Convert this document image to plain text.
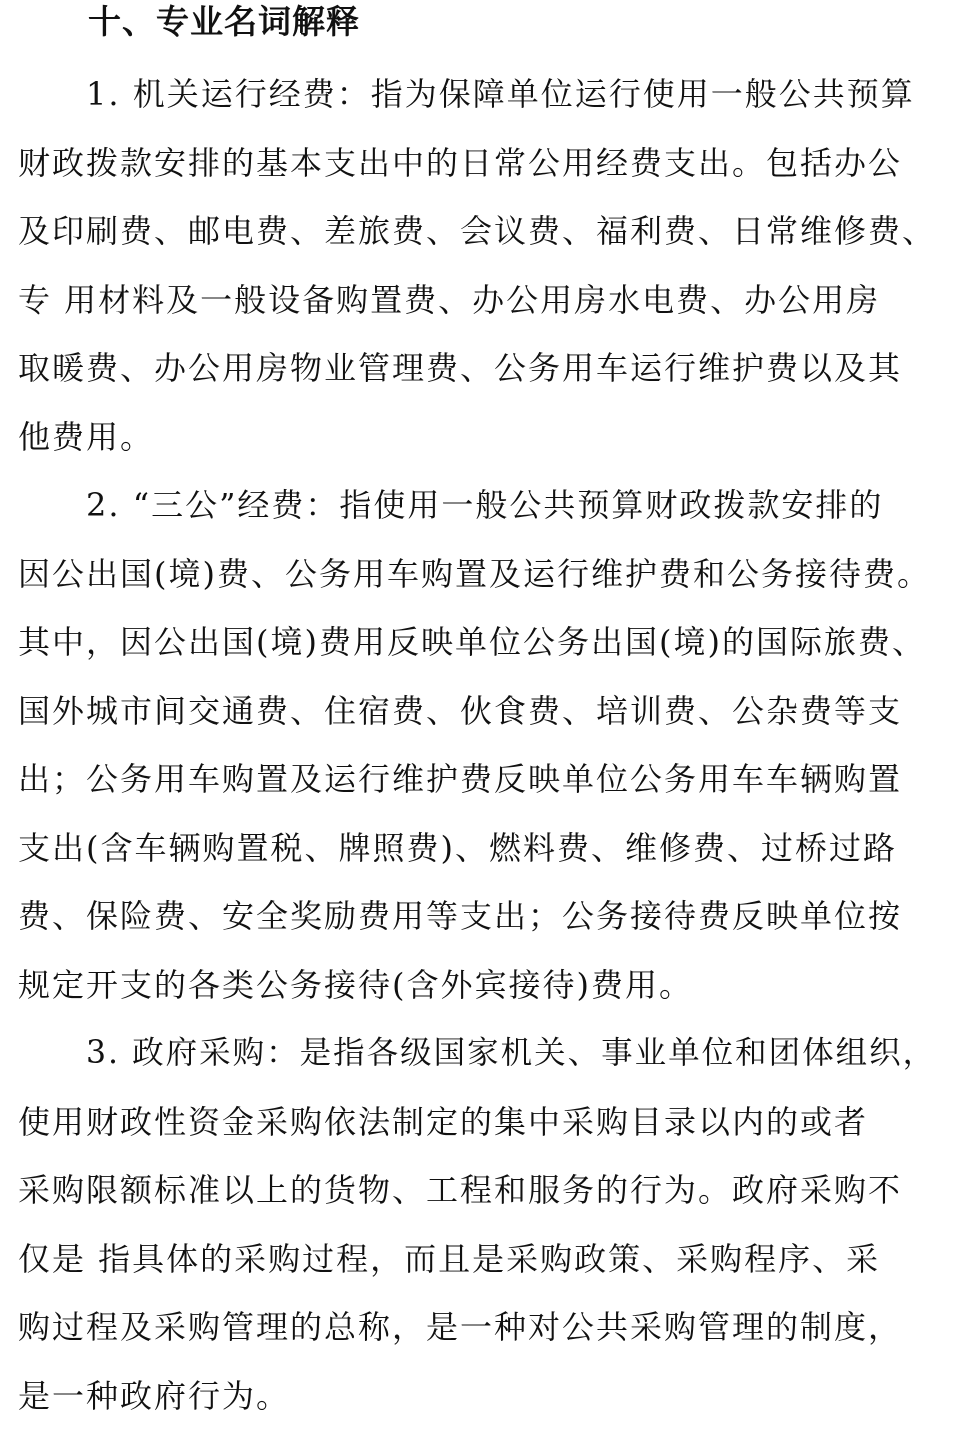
十、专业名词解释
1. 机关运行经费：指为保障单位运行使用一般公共预算
财政拨款安排的基本支出中的日常公用经费支出。包括办公
及印刷费、邮电费、差旅费、会议费、福利费、日常维修费、
专 用材料及一般设备购置费、办公用房水电费、办公用房
取暖费、办公用房物业管理费、公务用车运行维护费以及其
他费用。
2. “三公”经费：指使用一般公共预算财政拨款安排的
因公出国(境)费、公务用车购置及运行维护费和公务接待费。
其中，因公出国(境)费用反映单位公务出国(境)的国际旅费、
国外城市间交通费、住宿费、伙食费、培训费、公杂费等支
出；公务用车购置及运行维护费反映单位公务用车车辆购置
支出(含车辆购置税、牌照费)、燃料费、维修费、过桥过路
费、保险费、安全奖励费用等支出；公务接待费反映单位按
规定开支的各类公务接待(含外宾接待)费用。
3. 政府采购：是指各级国家机关、事业单位和团体组织，
使用财政性资金采购依法制定的集中采购目录以内的或者
采购限额标准以上的货物、工程和服务的行为。政府采购不
仅是 指具体的采购过程，而且是采购政策、采购程序、采
购过程及采购管理的总称，是一种对公共采购管理的制度，
是一种政府行为。
